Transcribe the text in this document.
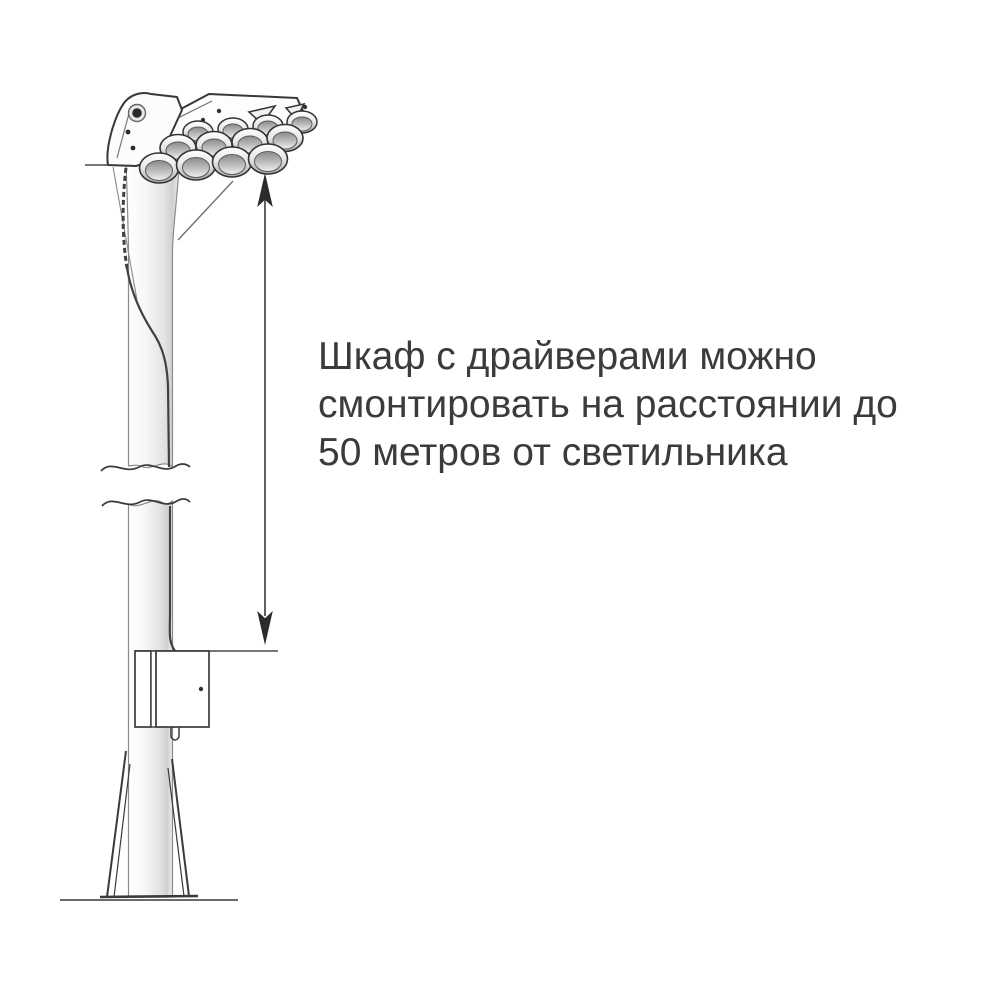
Шкаф с драйверами можно
смонтировать на расстоянии до
50 метров от светильника
